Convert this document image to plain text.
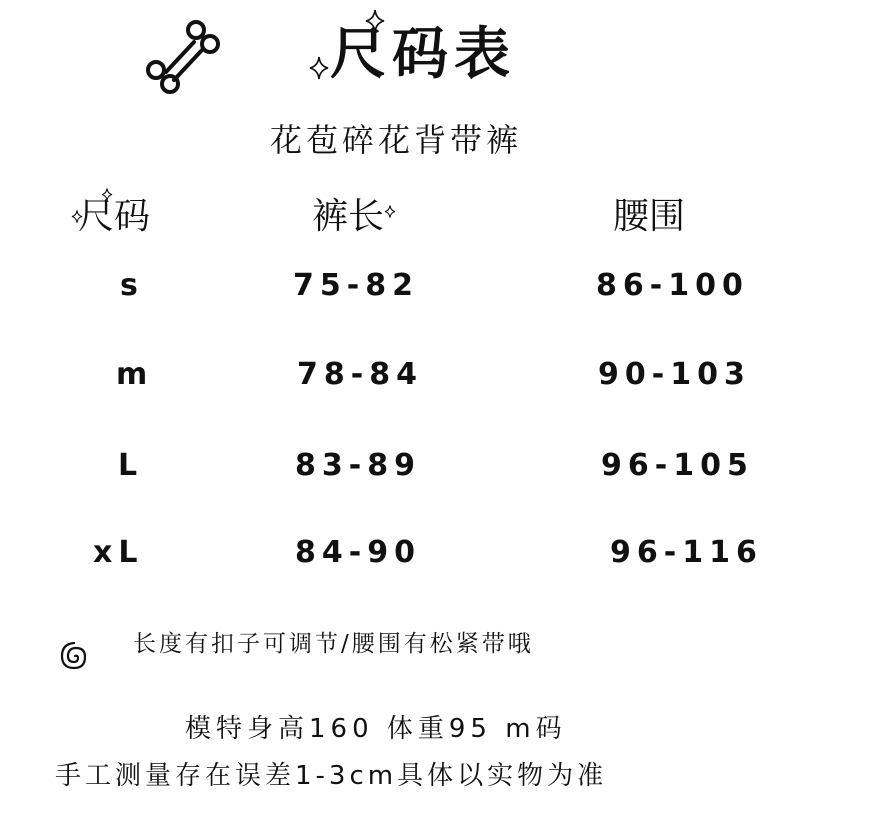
尺码表
花苞碎花背带裤
尺码	裤长	腰围
s	75-82	86-100
m	78-84	90-103
L	83-89	96-105
xL	84-90	96-116
长度有扣子可调节/腰围有松紧带哦
模特身高160 体重95 m码
手工测量存在误差1-3cm具体以实物为准
